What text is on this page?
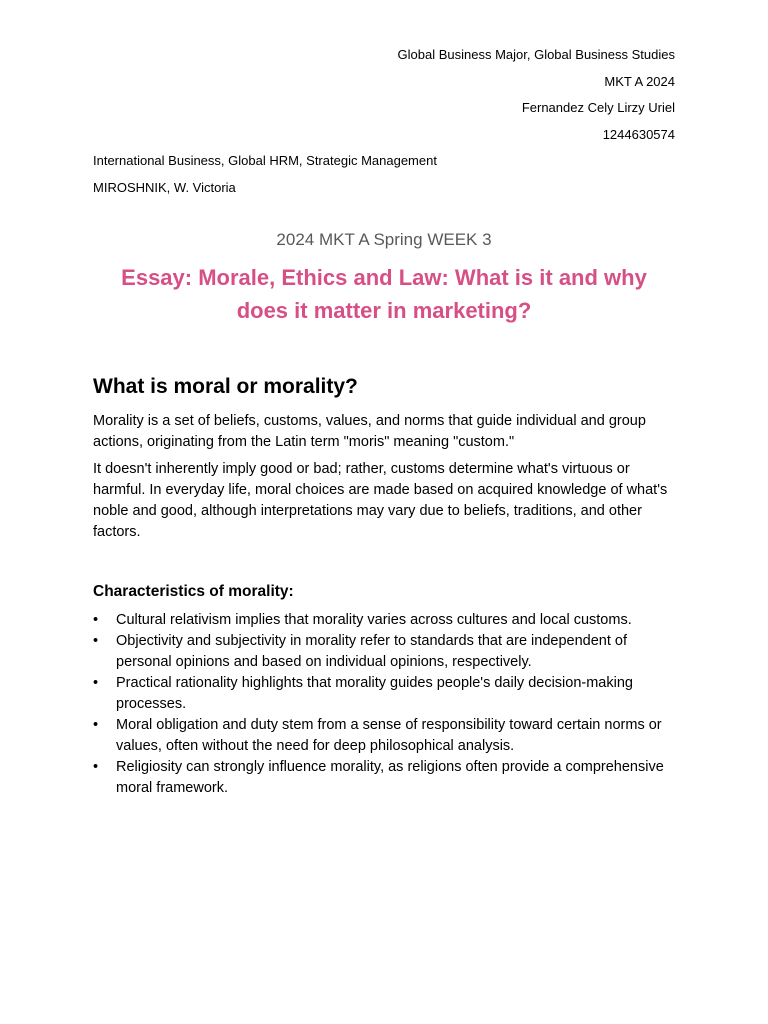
Global Business Major, Global Business Studies
MKT A 2024
Fernandez Cely Lirzy Uriel
1244630574
International Business, Global HRM, Strategic Management
MIROSHNIK, W. Victoria
2024 MKT A Spring WEEK 3
Essay: Morale, Ethics and Law: What is it and why
does it matter in marketing?
What is moral or morality?

Morality is a set of beliefs, customs, values, and norms that guide individual and group actions, originating from the Latin term "moris" meaning "custom."

It doesn't inherently imply good or bad; rather, customs determine what's virtuous or harmful. In everyday life, moral choices are made based on acquired knowledge of what's noble and good, although interpretations may vary due to beliefs, traditions, and other factors.

Characteristics of morality:
•	Cultural relativism implies that morality varies across cultures and local customs.
•	Objectivity and subjectivity in morality refer to standards that are independent of personal opinions and based on individual opinions, respectively.
•	Practical rationality highlights that morality guides people's daily decision-making processes.
•	Moral obligation and duty stem from a sense of responsibility toward certain norms or values, often without the need for deep philosophical analysis.
•	Religiosity can strongly influence morality, as religions often provide a comprehensive moral framework.
